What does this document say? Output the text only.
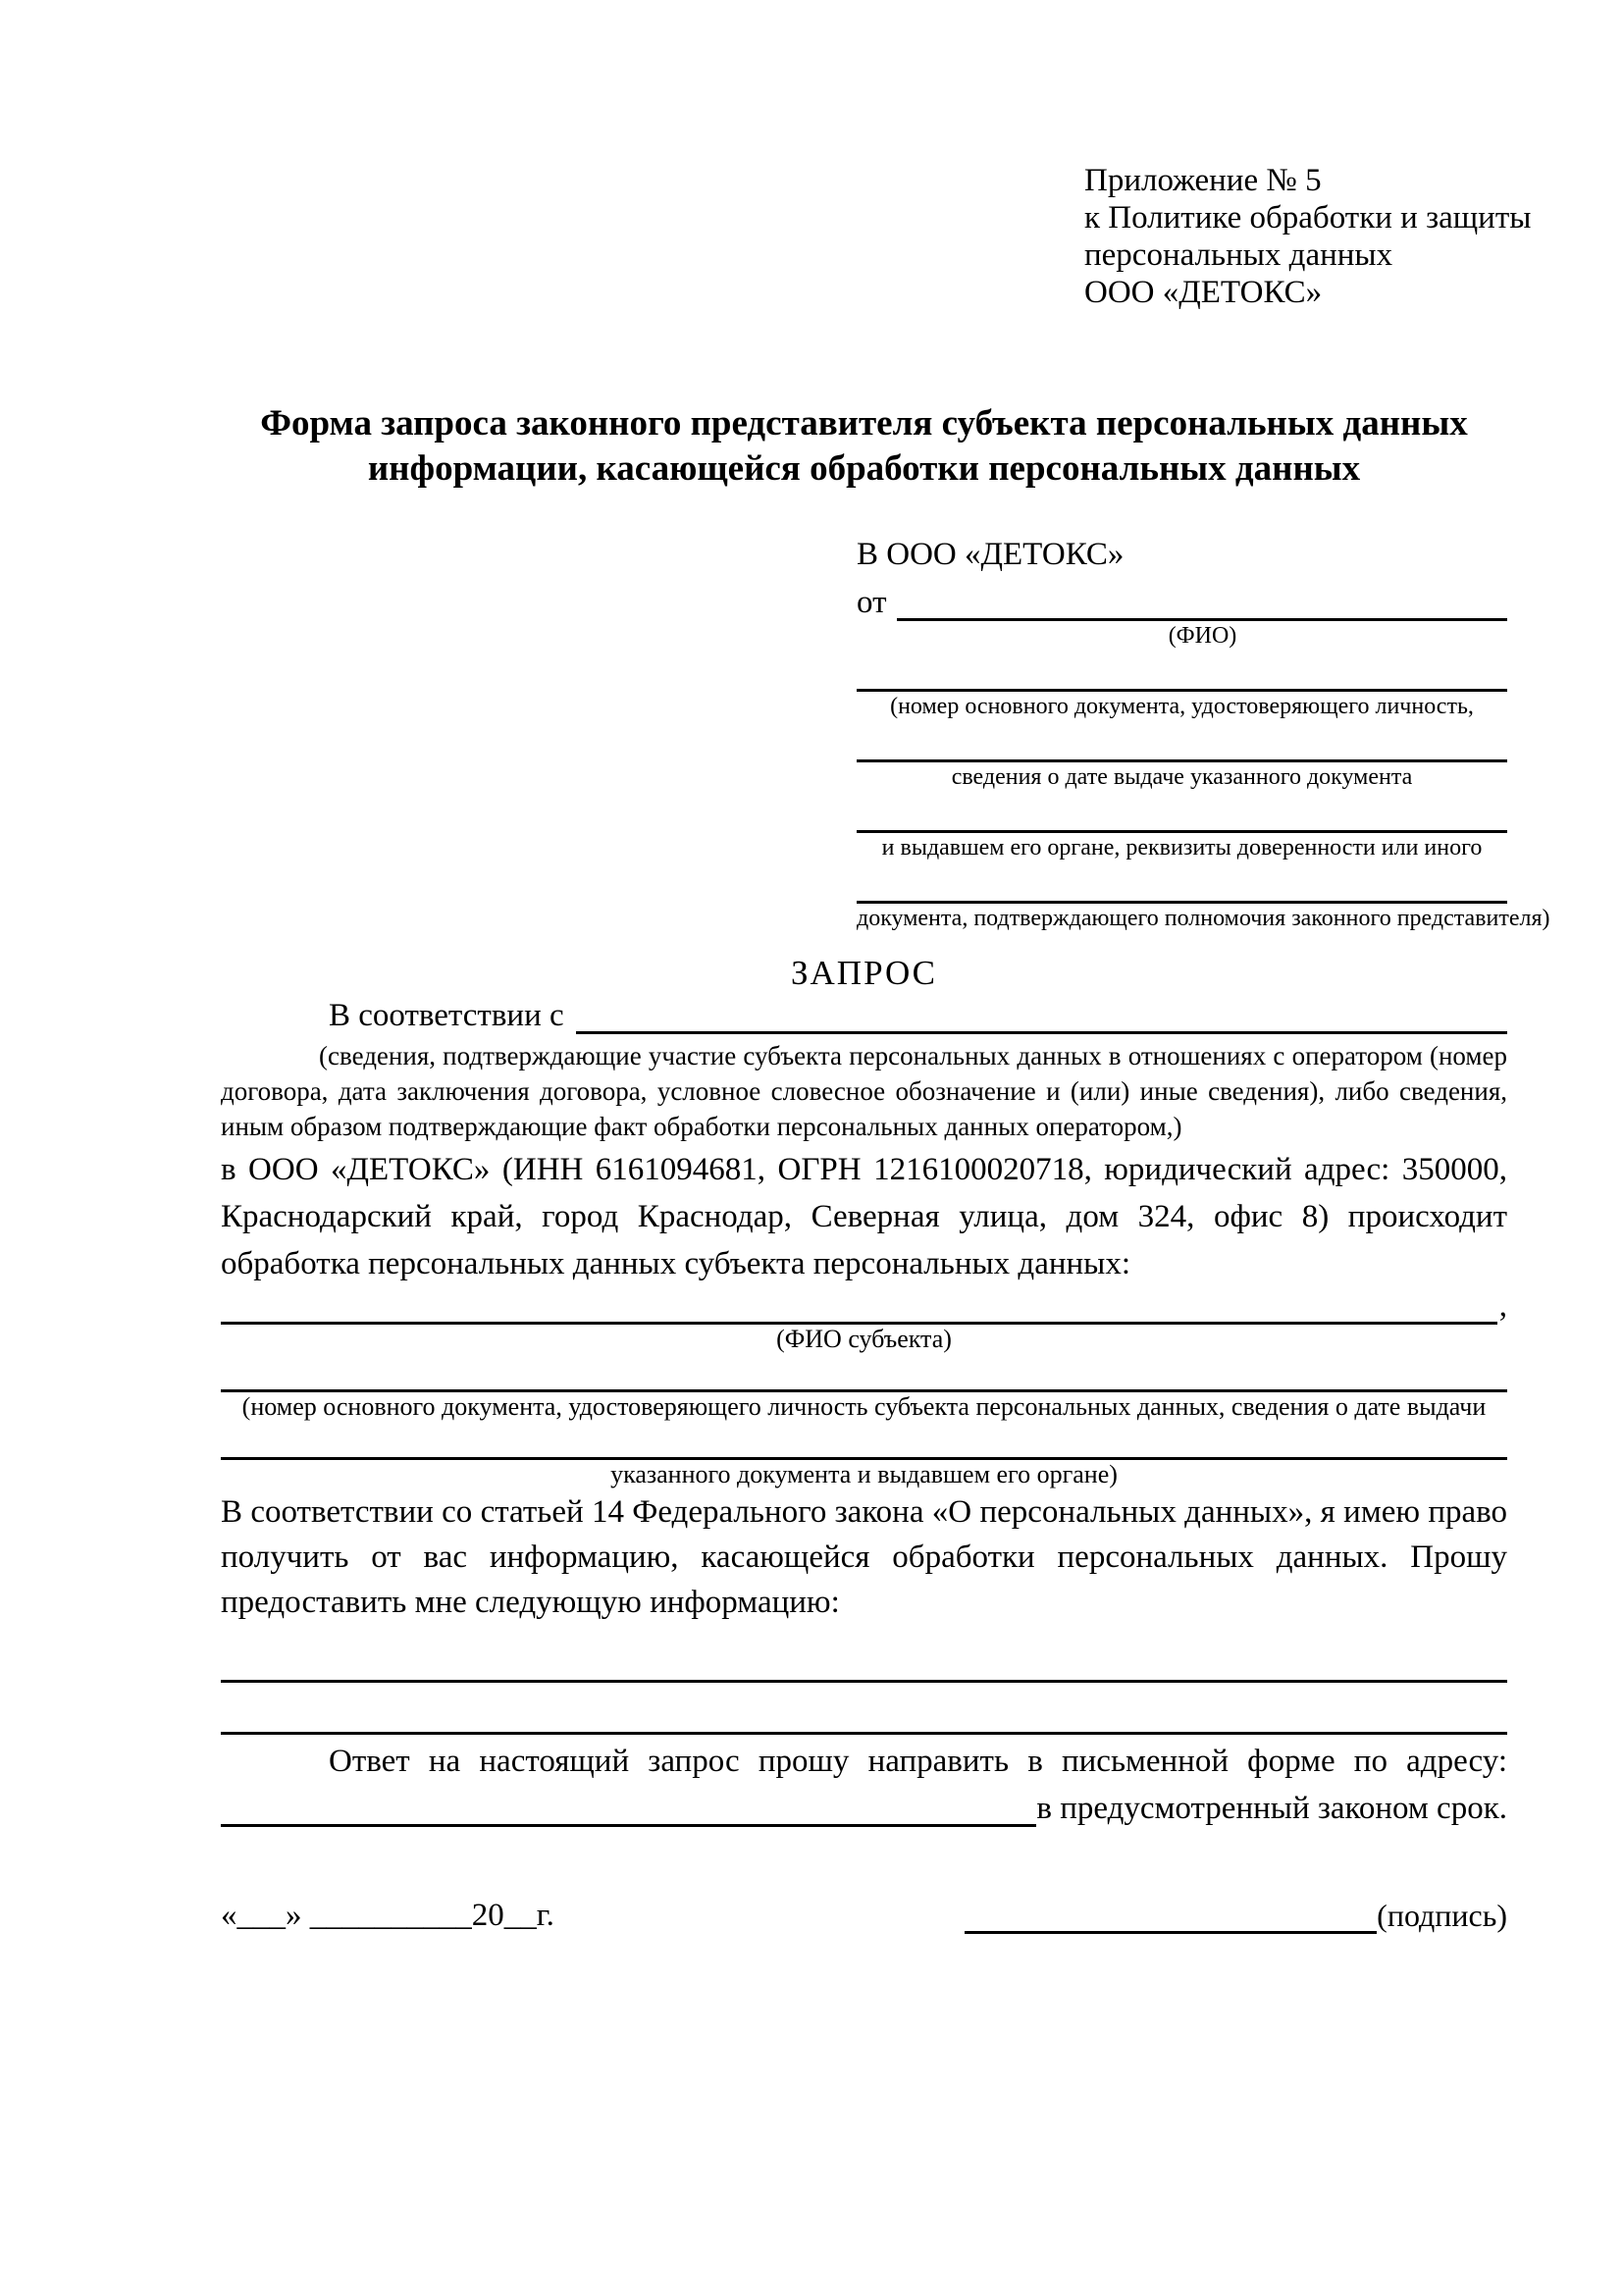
Приложение № 5
к Политике обработки и защиты
персональных данных
ООО «ДЕТОКС»
Форма запроса законного представителя субъекта персональных данных информации, касающейся обработки персональных данных
В ООО «ДЕТОКС»
от
(ФИО)
(номер основного документа, удостоверяющего личность,
сведения о дате выдаче указанного документа
и выдавшем его органе, реквизиты доверенности или иного
документа, подтверждающего полномочия законного представителя)
ЗАПРОС
В соответствии с
(сведения, подтверждающие участие субъекта персональных данных в отношениях с оператором (номер договора, дата заключения договора, условное словесное обозначение и (или) иные сведения), либо сведения, иным образом подтверждающие факт обработки персональных данных оператором,)
в ООО «ДЕТОКС» (ИНН 6161094681, ОГРН 1216100020718, юридический адрес: 350000, Краснодарский край, город Краснодар, Северная улица, дом 324, офис 8) происходит обработка персональных данных субъекта персональных данных:
,
(ФИО субъекта)
(номер основного документа, удостоверяющего личность субъекта персональных данных, сведения о дате выдачи
указанного документа и выдавшем его органе)
В соответствии со статьей 14 Федерального закона «О персональных данных», я имею право получить от вас информацию, касающейся обработки персональных данных. Прошу предоставить мне следующую информацию:
Ответ на настоящий запрос прошу направить в письменной форме по адресу:
в предусмотренный законом срок.
«___» __________20__г.	(подпись)
